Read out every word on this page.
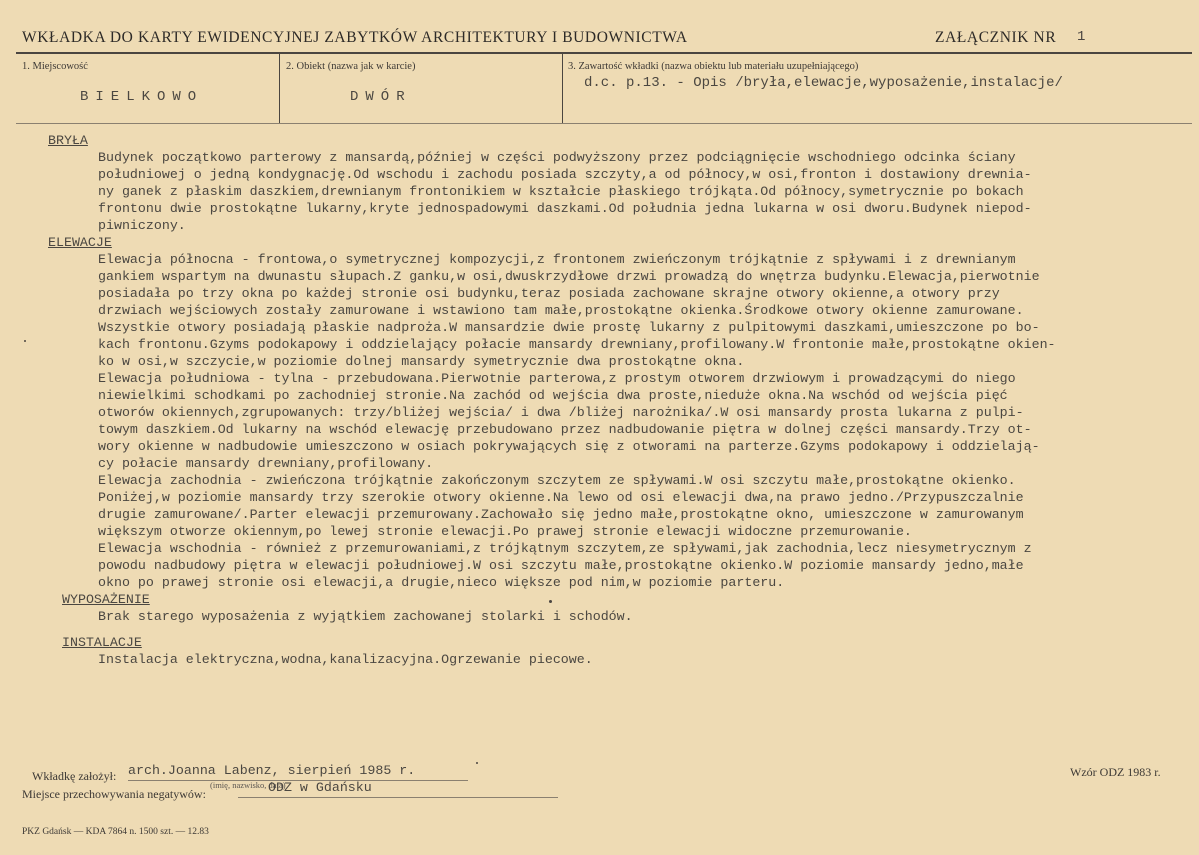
WKŁADKA DO KARTY EWIDENCYJNEJ ZABYTKÓW ARCHITEKTURY I BUDOWNICTWA	ZAŁĄCZNIK NR 1
1. Miejscowość	2. Obiekt (nazwa jak w karcie)	3. Zawartość wkładki (nazwa obiektu lub materiału uzupełniającego)
BIELKOWO	DWÓR
d.c. p.13. - Opis /bryła,elewacje,wyposażenie,instalacje/
BRYŁA
Budynek początkowo parterowy z mansardą,później w części podwyższony przez podciągnięcie wschodniego odcinka ściany
południowej o jedną kondygnację.Od wschodu i zachodu posiada szczyty,a od północy,w osi,fronton i dostawiony drewnia-
ny ganek z płaskim daszkiem,drewnianym frontonikiem w kształcie płaskiego trójkąta.Od północy,symetrycznie po bokach
frontonu dwie prostokątne lukarny,kryte jednospadowymi daszkami.Od południa jedna lukarna w osi dworu.Budynek niepod-
piwniczony.
ELEWACJE
Elewacja północna - frontowa,o symetrycznej kompozycji,z frontonem zwieńczonym trójkątnie z spływami i z drewnianym
gankiem wspartym na dwunastu słupach.Z ganku,w osi,dwuskrzydłowe drzwi prowadzą do wnętrza budynku.Elewacja,pierwotnie
posiadała po trzy okna po każdej stronie osi budynku,teraz posiada zachowane skrajne otwory okienne,a otwory przy
drzwiach wejściowych zostały zamurowane i wstawiono tam małe,prostokątne okienka.Środkowe otwory okienne zamurowane.
Wszystkie otwory posiadają płaskie nadproża.W mansardzie dwie prostę lukarny z pulpitowymi daszkami,umieszczone po bo-
kach frontonu.Gzyms podokapowy i oddzielający połacie mansardy drewniany,profilowany.W frontonie małe,prostokątne okien-
ko w osi,w szczycie,w poziomie dolnej mansardy symetrycznie dwa prostokątne okna.
Elewacja południowa - tylna - przebudowana.Pierwotnie parterowa,z prostym otworem drzwiowym i prowadzącymi do niego
niewielkimi schodkami po zachodniej stronie.Na zachód od wejścia dwa proste,nieduże okna.Na wschód od wejścia pięć
otworów okiennych,zgrupowanych: trzy/bliżej wejścia/ i dwa /bliżej narożnika/.W osi mansardy prosta lukarna z pulpi-
towym daszkiem.Od lukarny na wschód elewację przebudowano przez nadbudowanie piętra w dolnej części mansardy.Trzy ot-
wory okienne w nadbudowie umieszczono w osiach pokrywających się z otworami na parterze.Gzyms podokapowy i oddzielają-
cy połacie mansardy drewniany,profilowany.
Elewacja zachodnia - zwieńczona trójkątnie zakończonym szczytem ze spływami.W osi szczytu małe,prostokątne okienko.
Poniżej,w poziomie mansardy trzy szerokie otwory okienne.Na lewo od osi elewacji dwa,na prawo jedno./Przypuszczalnie
drugie zamurowane/.Parter elewacji przemurowany.Zachowało się jedno małe,prostokątne okno, umieszczone w zamurowanym
większym otworze okiennym,po lewej stronie elewacji.Po prawej stronie elewacji widoczne przemurowanie.
Elewacja wschodnia - również z przemurowaniami,z trójkątnym szczytem,ze spływami,jak zachodnia,lecz niesymetrycznym z
powodu nadbudowy piętra w elewacji południowej.W osi szczytu małe,prostokątne okienko.W poziomie mansardy jedno,małe
okno po prawej stronie osi elewacji,a drugie,nieco większe pod nim,w poziomie parteru.
WYPOSAŻENIE
Brak starego wyposażenia z wyjątkiem zachowanej stolarki i schodów.
INSTALACJE
Instalacja elektryczna,wodna,kanalizacyjna.Ogrzewanie piecowe.
Wkładkę założył: arch.Joanna Labenz, sierpień 1985 r.
(imię, nazwisko, data)
Miejsce przechowywania negatywów:	ODZ w Gdańsku
Wzór ODZ 1983 r.
PKZ Gdańsk — KDA 7864 n. 1500 szt. — 12.83
